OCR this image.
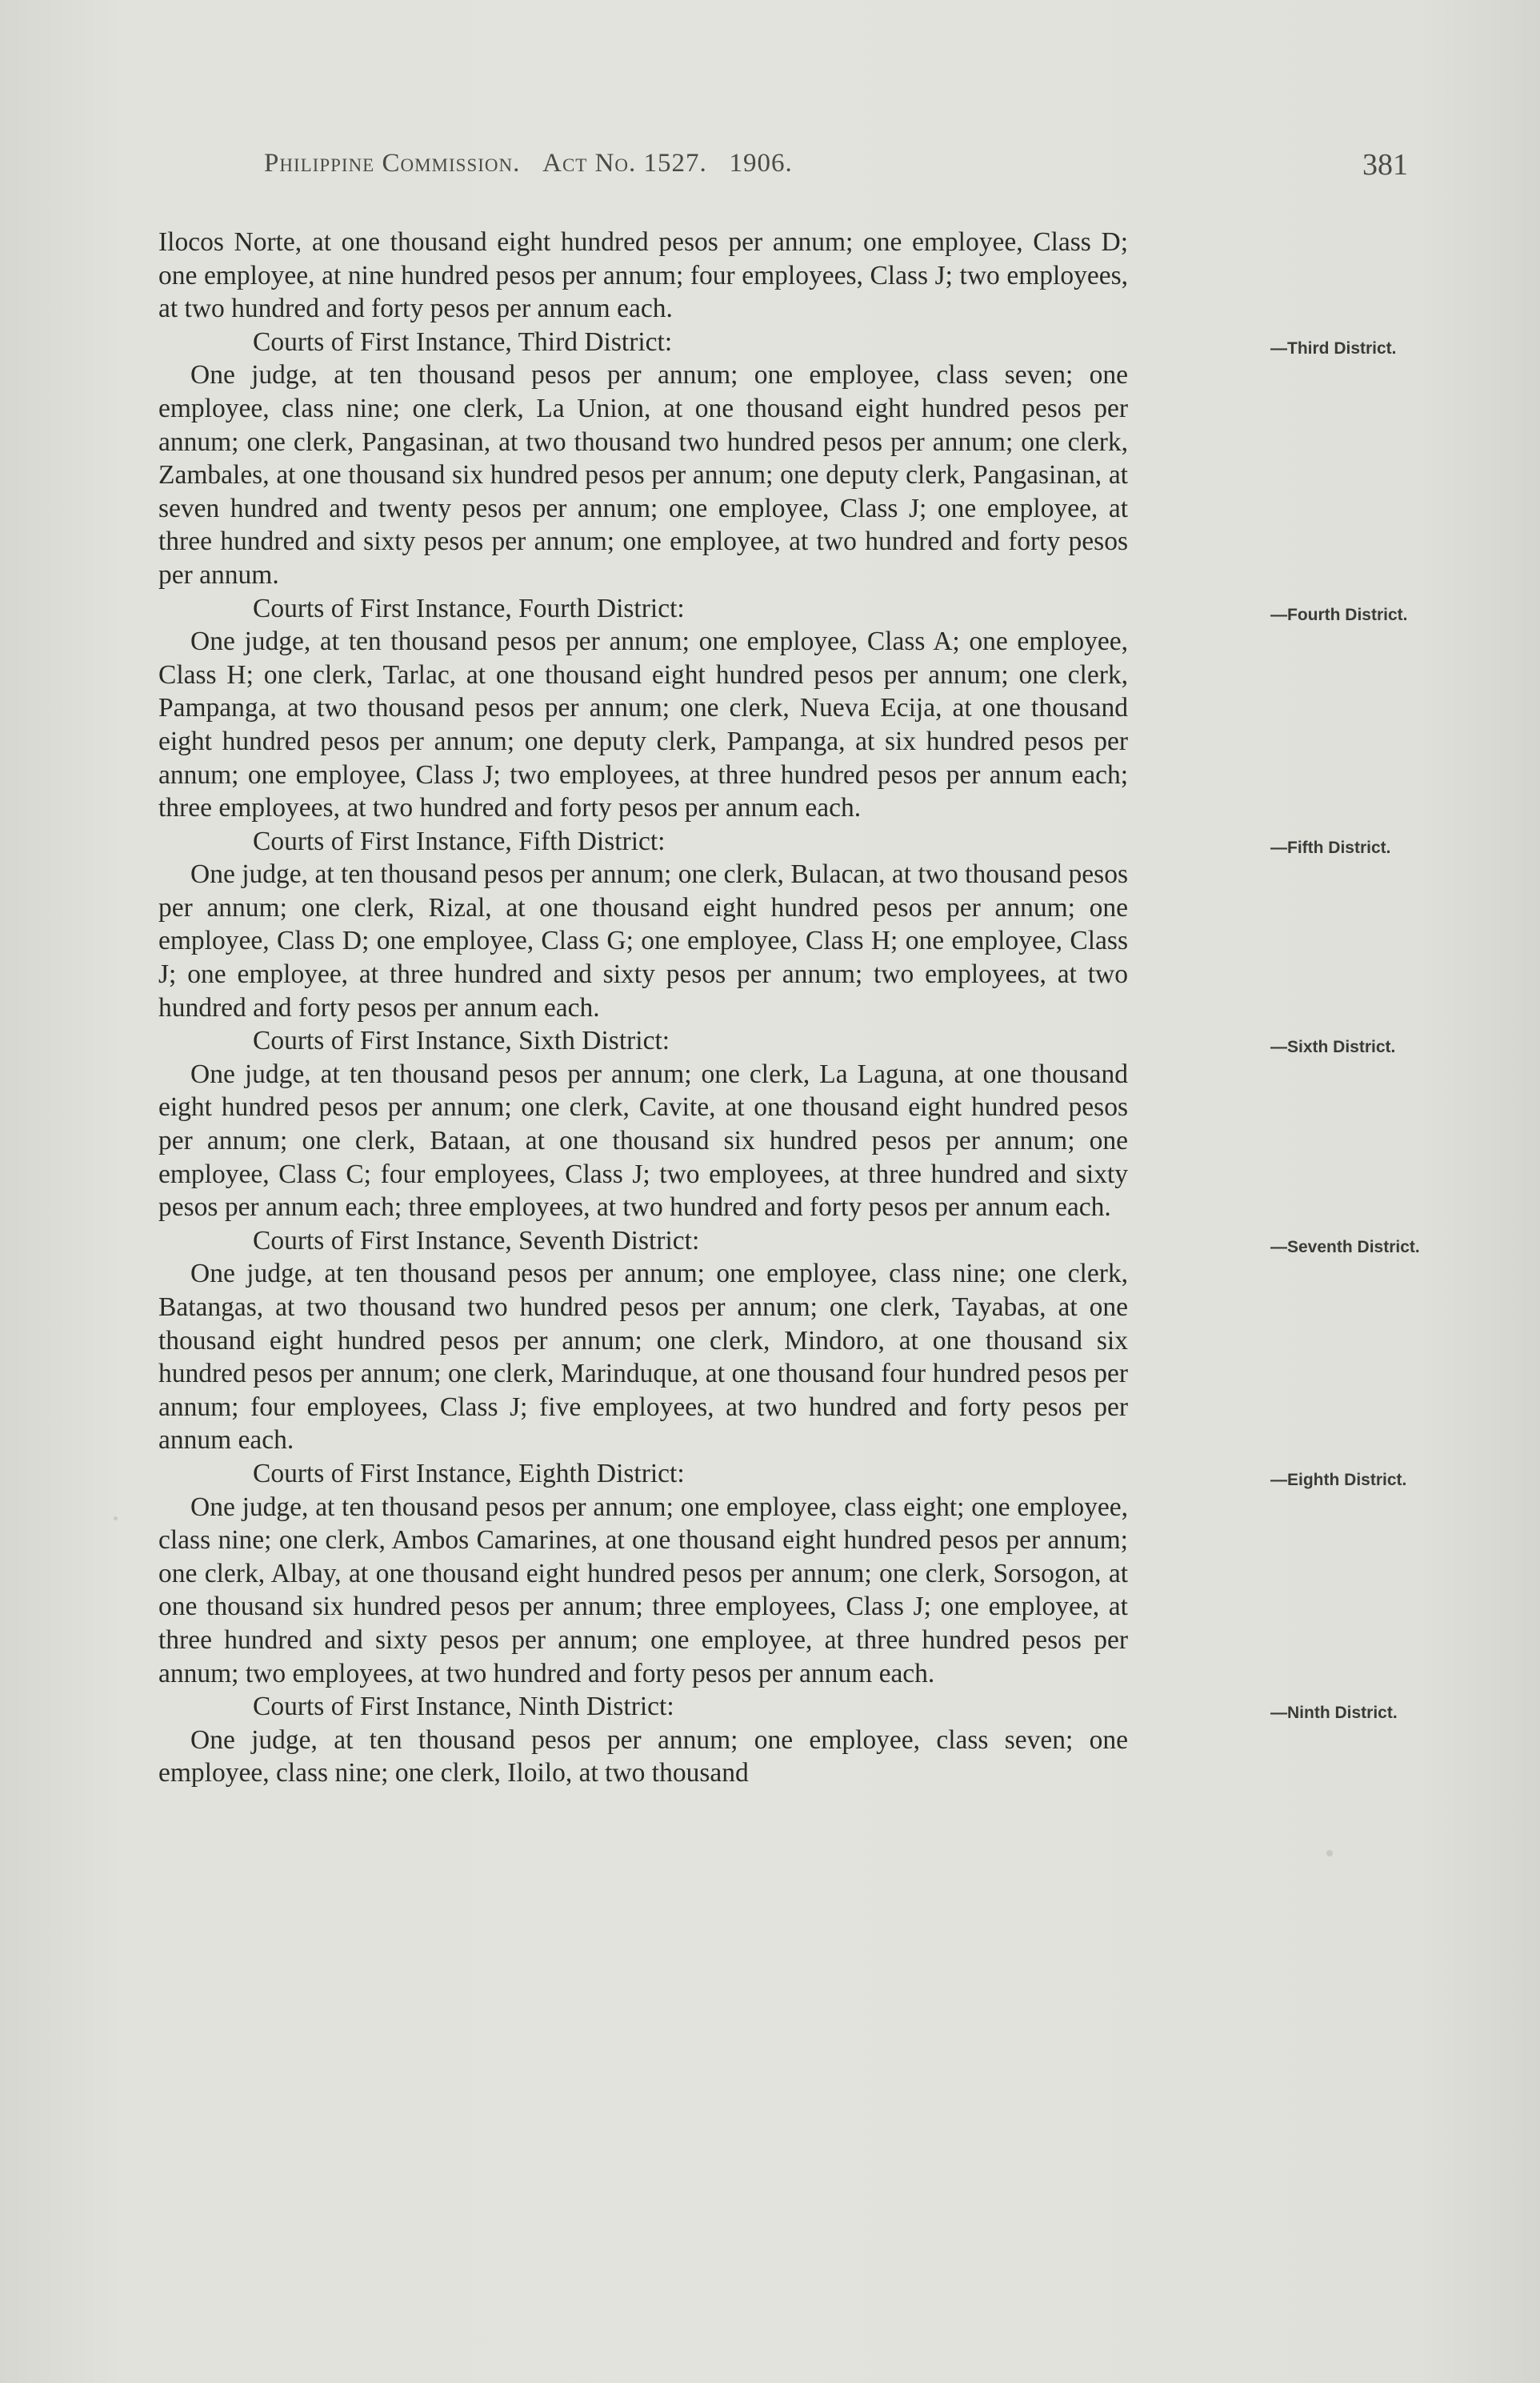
Philippine Commission. Act No. 1527. 1906.	381

Ilocos Norte, at one thousand eight hundred pesos per annum; one employee, Class D; one employee, at nine hundred pesos per annum; four employees, Class J; two employees, at two hundred and forty pesos per annum each.

Courts of First Instance, Third District:	—Third District.

One judge, at ten thousand pesos per annum; one employee, class seven; one employee, class nine; one clerk, La Union, at one thousand eight hundred pesos per annum; one clerk, Pangasinan, at two thousand two hundred pesos per annum; one clerk, Zambales, at one thousand six hundred pesos per annum; one deputy clerk, Pangasinan, at seven hundred and twenty pesos per annum; one employee, Class J; one employee, at three hundred and sixty pesos per annum; one employee, at two hundred and forty pesos per annum.

Courts of First Instance, Fourth District:	—Fourth District.

One judge, at ten thousand pesos per annum; one employee, Class A; one employee, Class H; one clerk, Tarlac, at one thousand eight hundred pesos per annum; one clerk, Pampanga, at two thousand pesos per annum; one clerk, Nueva Ecija, at one thousand eight hundred pesos per annum; one deputy clerk, Pampanga, at six hundred pesos per annum; one employee, Class J; two employees, at three hundred pesos per annum each; three employees, at two hundred and forty pesos per annum each.

Courts of First Instance, Fifth District:	—Fifth District.

One judge, at ten thousand pesos per annum; one clerk, Bulacan, at two thousand pesos per annum; one clerk, Rizal, at one thousand eight hundred pesos per annum; one employee, Class D; one employee, Class G; one employee, Class H; one employee, Class J; one employee, at three hundred and sixty pesos per annum; two employees, at two hundred and forty pesos per annum each.

Courts of First Instance, Sixth District:	—Sixth District.

One judge, at ten thousand pesos per annum; one clerk, La Laguna, at one thousand eight hundred pesos per annum; one clerk, Cavite, at one thousand eight hundred pesos per annum; one clerk, Bataan, at one thousand six hundred pesos per annum; one employee, Class C; four employees, Class J; two employees, at three hundred and sixty pesos per annum each; three employees, at two hundred and forty pesos per annum each.

Courts of First Instance, Seventh District:	—Seventh District.

One judge, at ten thousand pesos per annum; one employee, class nine; one clerk, Batangas, at two thousand two hundred pesos per annum; one clerk, Tayabas, at one thousand eight hundred pesos per annum; one clerk, Mindoro, at one thousand six hundred pesos per annum; one clerk, Marinduque, at one thousand four hundred pesos per annum; four employees, Class J; five employees, at two hundred and forty pesos per annum each.

Courts of First Instance, Eighth District:	—Eighth District.

One judge, at ten thousand pesos per annum; one employee, class eight; one employee, class nine; one clerk, Ambos Camarines, at one thousand eight hundred pesos per annum; one clerk, Albay, at one thousand eight hundred pesos per annum; one clerk, Sorsogon, at one thousand six hundred pesos per annum; three employees, Class J; one employee, at three hundred and sixty pesos per annum; one employee, at three hundred pesos per annum; two employees, at two hundred and forty pesos per annum each.

Courts of First Instance, Ninth District:	—Ninth District.

One judge, at ten thousand pesos per annum; one employee, class seven; one employee, class nine; one clerk, Iloilo, at two thousand
